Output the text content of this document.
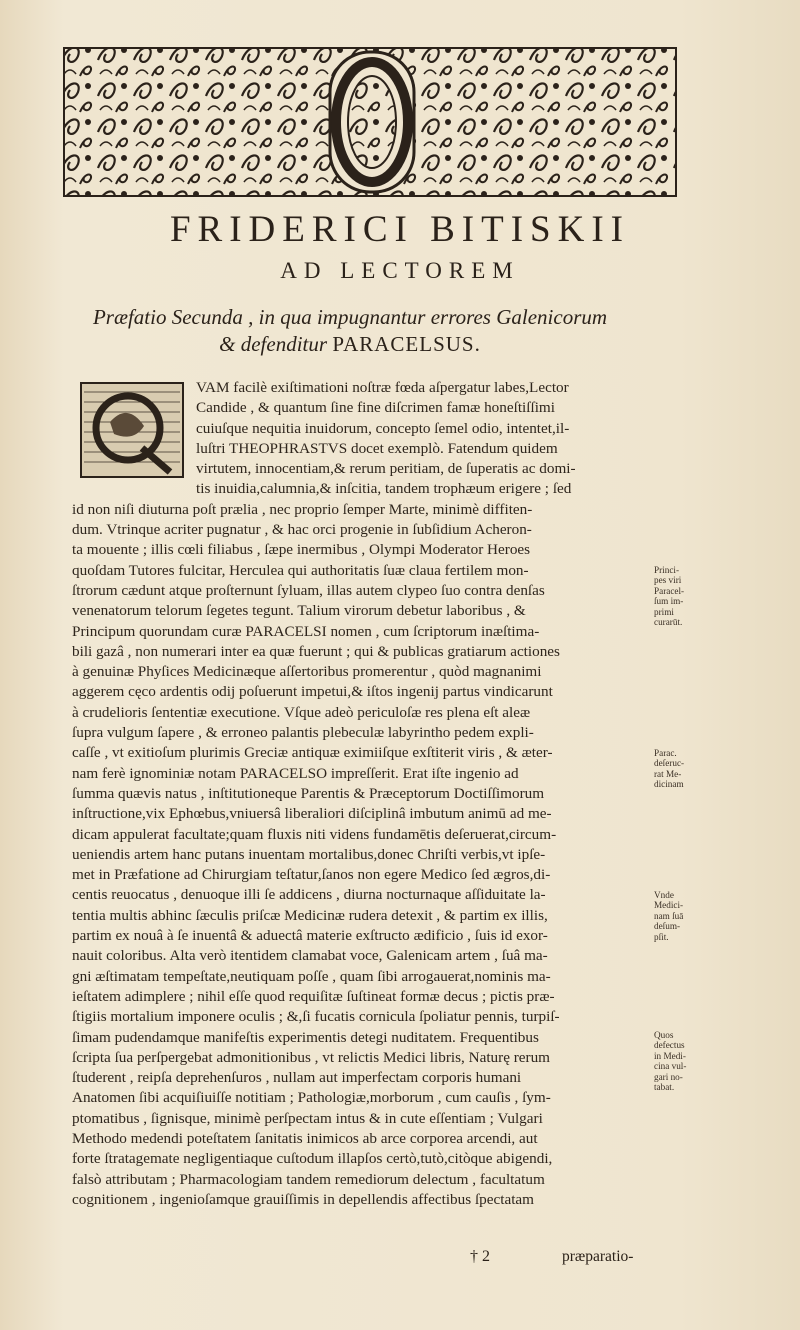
FRIDERICI BITISKII
AD LECTOREM
Præfatio Secunda , in qua impugnantur errores Galenicorum
& defenditur PARACELSUS.
VAM facilè exiſtimationi noſtræ fœda aſpergatur labes,Lector
Candide , & quantum ſine fine diſcrimen famæ honeſtiſſimi
cuiuſque nequitia inuidorum, concepto ſemel odio, intentet,il-
luſtri THEOPHRASTVS docet exemplò. Fatendum quidem
virtutem, innocentiam,& rerum peritiam, de ſuperatis ac domi-
tis inuidia,calumnia,& inſcitia, tandem trophæum erigere ; ſed
id non niſi diuturna poſt prælia , nec proprio ſemper Marte, minimè diffiten-
dum. Vtrinque acriter pugnatur , & hac orci progenie in ſubſidium Acheron-
ta mouente ; illis cœli filiabus , ſæpe inermibus , Olympi Moderator Heroes
quoſdam Tutores fulcitar, Herculea qui authoritatis ſuæ claua fertilem mon-
ſtrorum cædunt atque proſternunt ſyluam, illas autem clypeo ſuo contra denſas
venenatorum telorum ſegetes tegunt. Talium virorum debetur laboribus , &
Principum quorundam curæ PARACELSI nomen , cum ſcriptorum inæſtima-
bili gazâ , non numerari inter ea quæ fuerunt ; qui & publicas gratiarum actiones
à genuinæ Phyſices Medicinæque aſſertoribus promerentur , quòd magnanimi
aggerem cęco ardentis odij poſuerunt impetui,& iſtos ingenij partus vindicarunt
à crudelioris ſententiæ executione. Vſque adeò periculoſæ res plena eſt aleæ
ſupra vulgum ſapere , & erroneo palantis plebeculæ labyrintho pedem expli-
caſſe , vt exitioſum plurimis Greciæ antiquæ eximiiſque exſtiterit viris , & æter-
nam ferè ignominiæ notam PARACELSO impreſſerit. Erat iſte ingenio ad
ſumma quævis natus , inſtitutioneque Parentis & Præceptorum Doctiſſimorum
inſtructione,vix Ephœbus,vniuersâ liberaliori diſciplinâ imbutum animū ad me-
dicam appulerat facultate;quam fluxis niti videns fundamētis deſeruerat,circum-
ueniendis artem hanc putans inuentam mortalibus,donec Chriſti verbis,vt ipſe-
met in Præfatione ad Chirurgiam teſtatur,ſanos non egere Medico ſed ægros,di-
centis reuocatus , denuoque illi ſe addicens , diurna nocturnaque aſſiduitate la-
tentia multis abhinc ſæculis priſcæ Medicinæ rudera detexit , & partim ex illis,
partim ex nouâ à ſe inuentâ & aduectâ materie exſtructo ædificio , ſuis id exor-
nauit coloribus. Alta verò itentidem clamabat voce, Galenicam artem , ſuâ ma-
gni æſtimatam tempeſtate,neutiquam poſſe , quam ſibi arrogauerat,nominis ma-
ieſtatem adimplere ; nihil eſſe quod requiſitæ ſuſtineat formæ decus ; pictis præ-
ſtigiis mortalium imponere oculis ; &,ſi fucatis cornicula ſpoliatur pennis, turpiſ-
ſimam pudendamque manifeſtis experimentis detegi nuditatem. Frequentibus
ſcripta ſua perſpergebat admonitionibus , vt relictis Medici libris, Naturę rerum
ſtuderent , reipſa deprehenſuros , nullam aut imperfectam corporis humani
Anatomen ſibi acquiſiuiſſe notitiam ; Pathologiæ,morborum , cum cauſis , ſym-
ptomatibus , ſignisque, minimè perſpectam intus & in cute eſſentiam ; Vulgari
Methodo medendi poteſtatem ſanitatis inimicos ab arce corporea arcendi, aut
forte ſtratagemate negligentiaque cuſtodum illapſos certò,tutò,citòque abigendi,
falsò attributam ; Pharmacologiam tandem remediorum delectum , facultatum
cognitionem , ingenioſamque grauiſſimis in depellendis affectibus ſpectatam
Princi-
pes viri
Paracel-
ſum im-
primi
curarūt.
Parac.
deſeruc-
rat Me-
dicinam
Vnde
Medici-
nam ſuā
deſum-
pſit.
Quos
defectus
in Medi-
cina vul-
gari no-
tabat.
† 2	præparatio-
